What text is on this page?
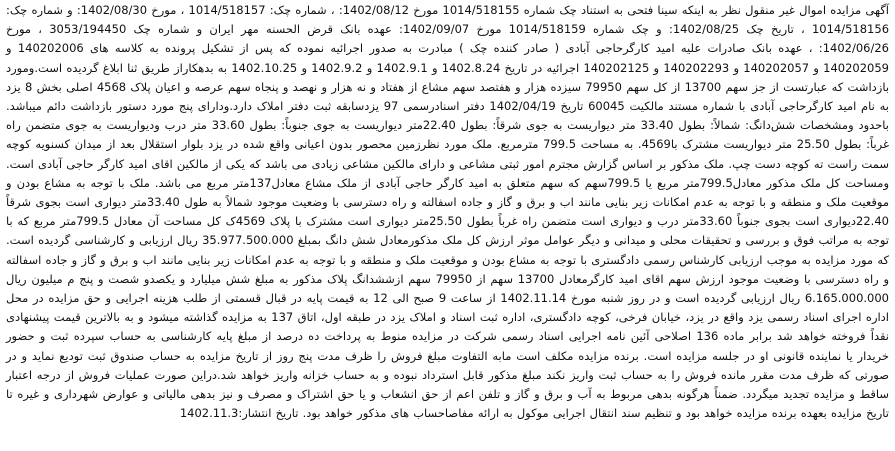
آگهی مزایده اموال غیر منقول نظر به اینکه سینا فتحی به استناد چک شماره 1014/518155 مورخ 1402/08/12: ، شماره چک: 1014/518157 ، مورخ 1402/08/30: و شماره چک: 1014/518156 ، تاریخ چک 1402/08/25: و چک شماره 1014/518159 مورخ 1402/09/07: عهده بانک قرض الحسنه مهر ایران و شماره چک 3053/194450 ، مورخ 1402/06/26: ، عهده بانک صادرات علیه امید کارگرحاجی آبادی ( صادر کننده چک ) مبادرت به صدور اجرائیه نموده که پس از تشکیل پرونده به کلاسه های 140202006 و 140202059 و 140202057 و 140202293 و 140202125 اجرائیه در تاریخ 1402.8.24 و 1402.9.1 و 1402.9.2 و 1402.10.25 به بدهکاراز طریق ثنا ابلاغ گردیده است.ومورد بازداشت که عبارتست از جز سهم 13700 از کل سهم 79950 سیزده هزار و هفتصد سهم مشاع از هفتاد و نه هزار و نهصد و پنجاه سهم عرصه و اعیان پلاک 4568 اصلی بخش 8 یزد به نام امید کارگرحاجی آبادی با شماره مستند مالکیت 60045 تاریخ 1402/04/19 دفتر اسنادرسمی 97 یزدسابقه ثبت دفتر املاک دارد.ودارای پنج مورد دستور بازداشت دائم میباشد. باحدود ومشخصات شش‌دانگ: شمالاً: بطول 33.40 متر دیواریست به جوی شرقاً: بطول 22.40متر دیواریست به جوی جنوباً: بطول 33.60 متر درب ودیواریست به جوی متضمن راه غرباً: بطول 25.50 متر دیواریست مشترک با4569. به مساحت 799.5 مترمربع. ملک مورد نظرزمین محصور بدون اعیانی واقع شده در یزد بلوار استقلال بعد از میدان کسنویه کوچه سمت راست ته کوچه دست چپ. ملک مذکور بر اساس گزارش مجترم امور ثبتی مشاعی و دارای مالکین مشاعی زیادی می باشد که یکی از مالکین اقای امید کارگر حاجی آبادی است. ومساحت کل ملک مذکور معادل799.5متر مربع یا 799.5سهم که سهم متعلق به امید کارگر حاجی آبادی از ملک مشاع معادل137متر مربع می باشد. ملک با توجه به مشاع بودن و موقعیت ملک و منطقه و با توجه به عدم امکانات زیر بنایی مانند اب و برق و گاز و جاده اسفالته و راه دسترسی با وضعیت موجود شمالاً به طول 33.40متر دیواری است بجوی شرقاً 22.40دیواری است بجوی جنوباً 33.60متر درب و دیواری است متضمن راه غرباً بطول 25.50متر دیواری است مشترک با پلاک 4569ک کل مساحت آن معادل 799.5متر مربع که با توجه به مراتب فوق و بررسی و تحقیقات محلی و میدانی و دیگر عوامل موثر ارزش کل ملک مذکورمعادل شش دانگ بمبلغ 35.977.500.000 ریال ارزیابی و کارشناسی گردیده است. که مورد مزایده به موجب ارزیابی کارشناس رسمی دادگستری با توجه به مشاع بودن و موقعیت ملک و منطقه و با توجه به عدم امکانات زیر بنایی مانند اب و برق و گاز و جاده اسفالته و راه دسترسی با وضعیت موجود ارزش سهم اقای امید کارگرمعادل 13700 سهم از 79950 سهم ازششدانگ پلاک مذکور به مبلغ شش میلیارد و یکصدو شصت و پنج م میلیون ریال 6.165.000.000 ریال ارزیابی گردیده است و در روز شنبه مورخ 1402.11.14 از ساعت 9 صبح الی 12 به قیمت پایه در قبال قسمتی از طلب هزینه اجرایی و حق مزایده در محل اداره اجرای اسناد رسمی یزد واقع در یزد، خیابان فرخی، کوچه دادگستری، اداره ثبت اسناد و املاک یزد در طبقه اول، اتاق 137 به مزایده گذاشته میشود و به بالاترین قیمت پیشنهادی نقداً فروخته خواهد شد برابر ماده 136 اصلاحی آئین نامه اجرایی اسناد رسمی شرکت در مزایده منوط به پرداخت ده درصد از مبلغ پایه کارشناسی به حساب سپرده ثبت و حضور خریدار یا نماینده قانونی او در جلسه مزایده است. برنده مزایده مکلف است مابه التفاوت مبلغ فروش را ظرف مدت پنج روز از تاریخ مزایده به حساب صندوق ثبت تودیع نماید و در صورتی که ظرف مدت مقرر مانده فروش را به حساب ثبت واریز نکند مبلغ مذکور قابل استرداد نبوده و به حساب خزانه واریز خواهد شد.دراین صورت عملیات فروش از درجه اعتبار ساقط و مزایده تجدید میگردد. ضمناً هرگونه بدهی مربوط به آب و برق و گاز و تلفن اعم از حق انشعاب و یا حق اشتراک و مصرف و نیز بدهی مالیاتی و عوارض شهرداری و غیره تا تاریخ مزایده بعهده برنده مزایده خواهد بود و تنظیم سند انتقال اجرایی موکول به ارائه مفاصاحساب های مذکور خواهد بود. تاریخ انتشار:1402.11.3
